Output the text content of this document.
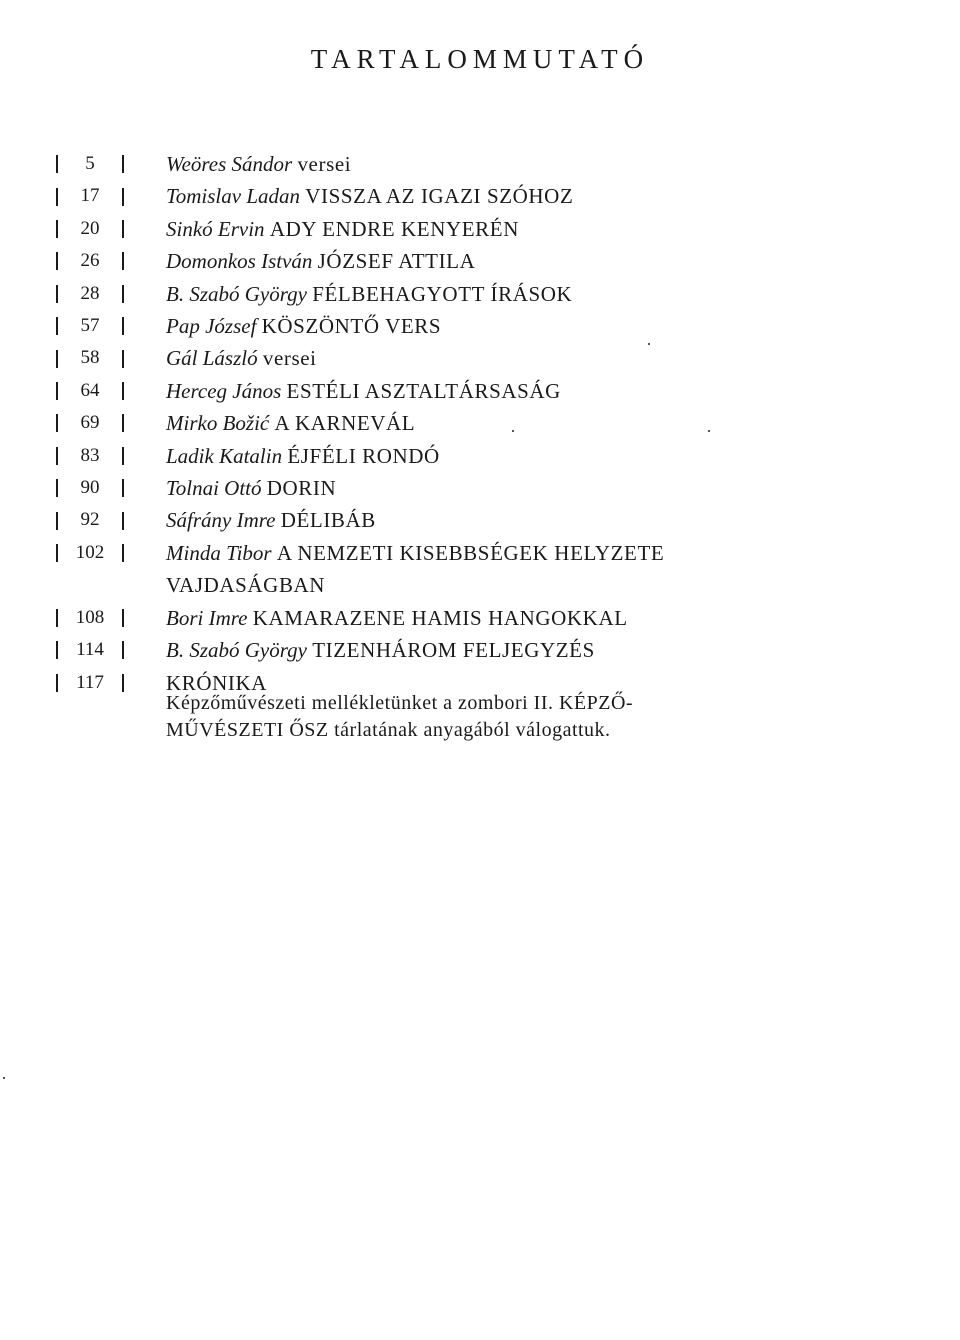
TARTALOMMUTATÓ
5	Weöres Sándor versei
17	Tomislav Ladan VISSZA AZ IGAZI SZÓHOZ
20	Sinkó Ervin ADY ENDRE KENYERÉN
26	Domonkos István JÓZSEF ATTILA
28	B. Szabó György FÉLBEHAGYOTT ÍRÁSOK
57	Pap József KÖSZÖNTŐ VERS
58	Gál László versei
64	Herceg János ESTÉLI ASZTALTÁRSASÁG
69	Mirko Božić A KARNEVÁL
83	Ladik Katalin ÉJFÉLI RONDÓ
90	Tolnai Ottó DORIN
92	Sáfrány Imre DÉLIBÁB
102	Minda Tibor A NEMZETI KISEBBSÉGEK HELYZETE VAJDASÁGBAN
108	Bori Imre KAMARAZENE HAMIS HANGOKKAL
114	B. Szabó György TIZENHÁROM FELJEGYZÉS
117	KRÓNIKA

Képzőművészeti mellékletünket a zombori II. KÉPZŐ-MŰVÉSZETI ŐSZ tárlatának anyagából válogattuk.
